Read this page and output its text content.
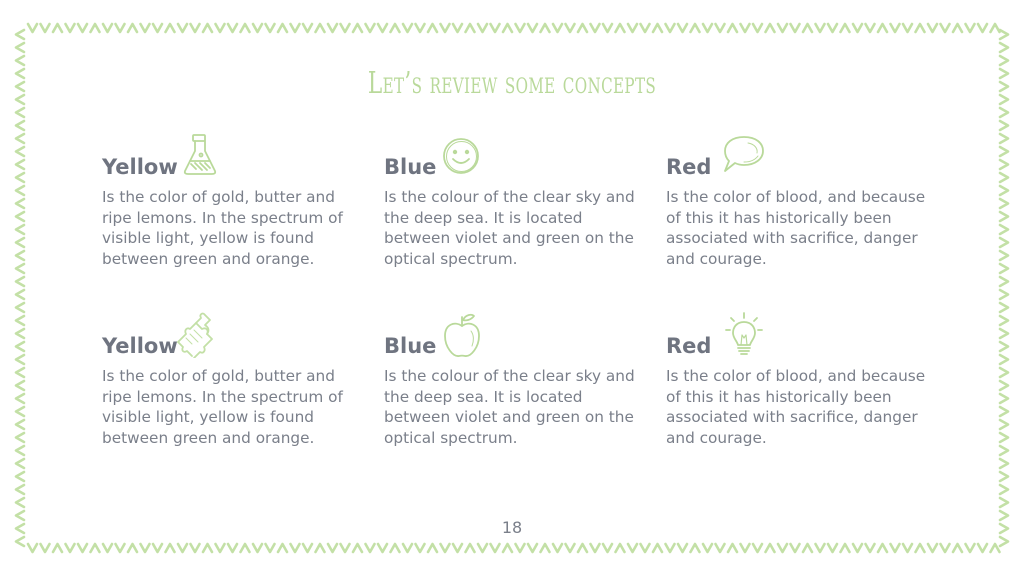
Let’s review some concepts
Yellow

Is the color of gold, butter and ripe lemons. In the spectrum of visible light, yellow is found between green and orange.

Blue

Is the colour of the clear sky and the deep sea. It is located between violet and green on the optical spectrum.

Red

Is the color of blood, and because of this it has historically been associated with sacrifice, danger and courage.

Yellow

Is the color of gold, butter and ripe lemons. In the spectrum of visible light, yellow is found between green and orange.

Blue

Is the colour of the clear sky and the deep sea. It is located between violet and green on the optical spectrum.

Red

Is the color of blood, and because of this it has historically been associated with sacrifice, danger and courage.

18
